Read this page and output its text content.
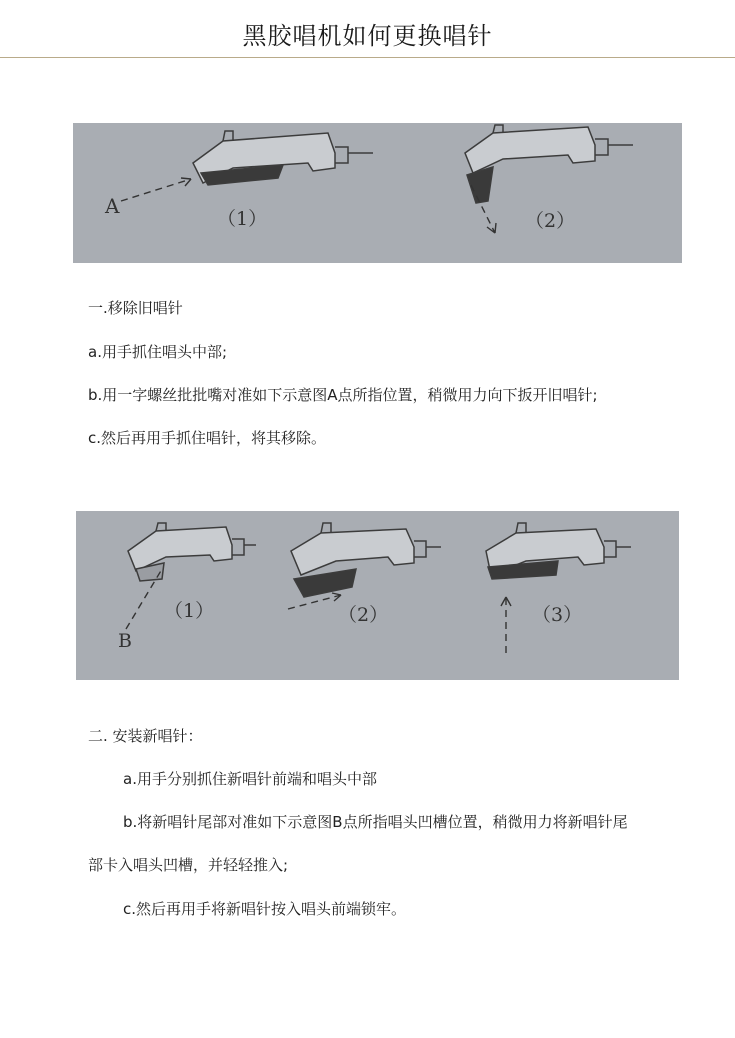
黑胶唱机如何更换唱针
A
（1）	（2）
一.移除旧唱针
a.用手抓住唱头中部;
b.用一字螺丝批批嘴对准如下示意图A点所指位置，稍微用力向下扳开旧唱针;
c.然后再用手抓住唱针，将其移除。
B
（1）	（2）	（3）
二. 安装新唱针：
a.用手分别抓住新唱针前端和唱头中部
b.将新唱针尾部对准如下示意图B点所指唱头凹槽位置，稍微用力将新唱针尾
部卡入唱头凹槽，并轻轻推入;
c.然后再用手将新唱针按入唱头前端锁牢。
